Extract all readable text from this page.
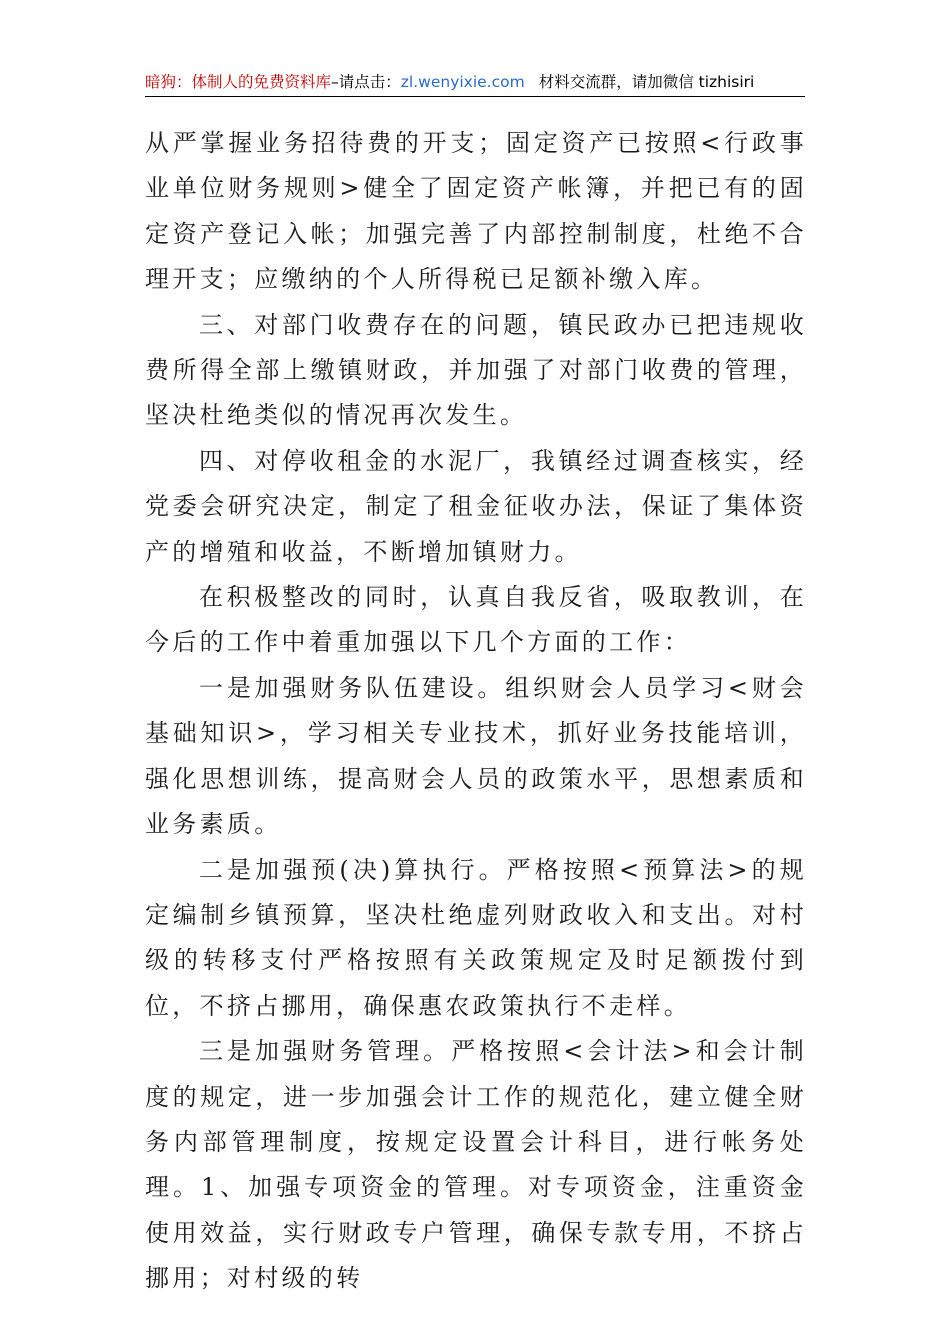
暗狗：体制人的免费资料库–请点击：zl.wenyixie.com 材料交流群，请加微信 tizhisiri

从严掌握业务招待费的开支；固定资产已按照<行政事业单位财务规则>健全了固定资产帐簿，并把已有的固定资产登记入帐；加强完善了内部控制制度，杜绝不合理开支；应缴纳的个人所得税已足额补缴入库。

三、对部门收费存在的问题，镇民政办已把违规收费所得全部上缴镇财政，并加强了对部门收费的管理，坚决杜绝类似的情况再次发生。

四、对停收租金的水泥厂，我镇经过调查核实，经党委会研究决定，制定了租金征收办法，保证了集体资产的增殖和收益，不断增加镇财力。

在积极整改的同时，认真自我反省，吸取教训，在今后的工作中着重加强以下几个方面的工作：

一是加强财务队伍建设。组织财会人员学习<财会基础知识>，学习相关专业技术，抓好业务技能培训，强化思想训练，提高财会人员的政策水平，思想素质和业务素质。

二是加强预(决)算执行。严格按照<预算法>的规定编制乡镇预算，坚决杜绝虚列财政收入和支出。对村级的转移支付严格按照有关政策规定及时足额拨付到位，不挤占挪用，确保惠农政策执行不走样。

三是加强财务管理。严格按照<会计法>和会计制度的规定，进一步加强会计工作的规范化，建立健全财务内部管理制度，按规定设置会计科目，进行帐务处理。1、加强专项资金的管理。对专项资金，注重资金使用效益，实行财政专户管理，确保专款专用，不挤占挪用；对村级的转
